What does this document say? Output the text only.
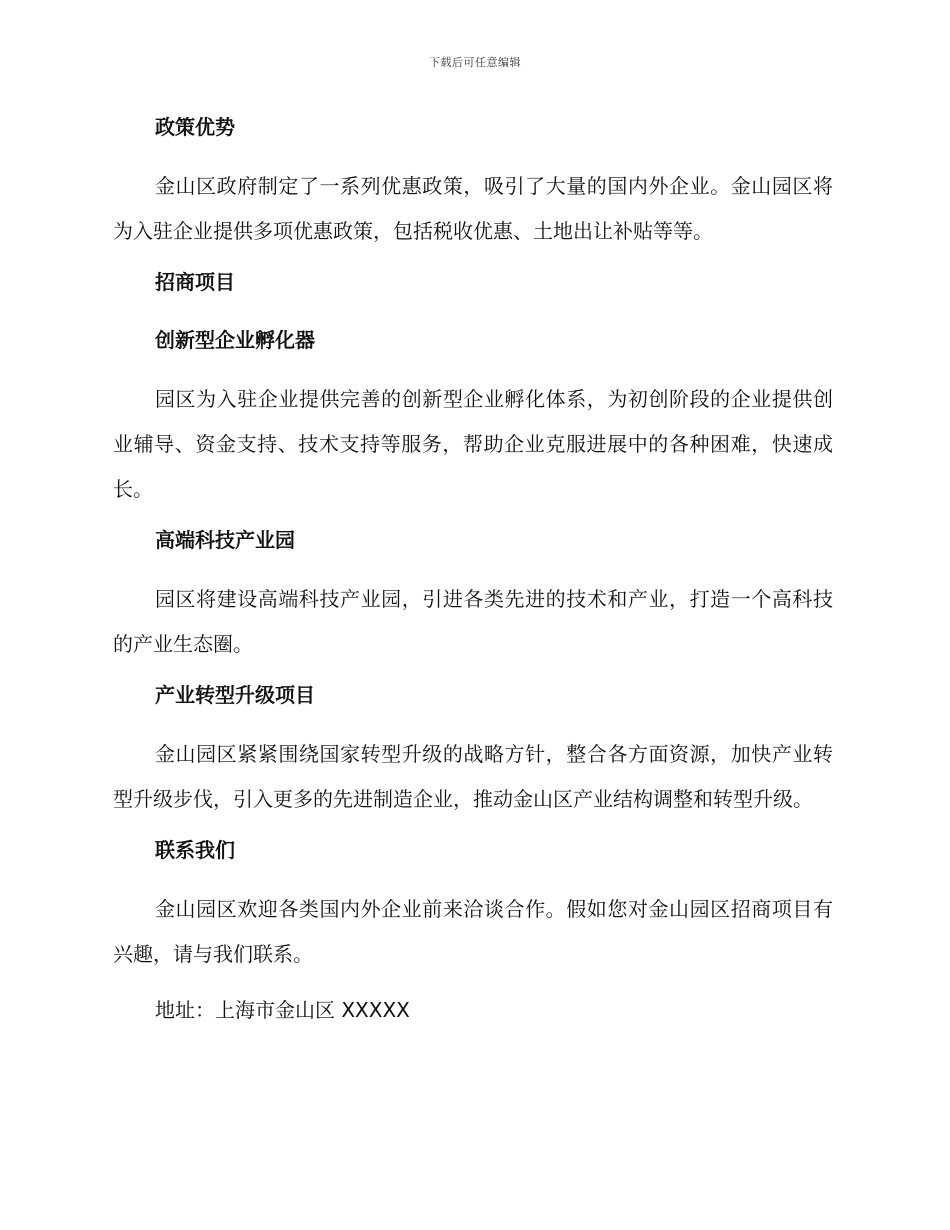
下载后可任意编辑
政策优势
金山区政府制定了一系列优惠政策，吸引了大量的国内外企业。金山园区将为入驻企业提供多项优惠政策，包括税收优惠、土地出让补贴等等。
招商项目
创新型企业孵化器
园区为入驻企业提供完善的创新型企业孵化体系，为初创阶段的企业提供创业辅导、资金支持、技术支持等服务，帮助企业克服进展中的各种困难，快速成长。
高端科技产业园
园区将建设高端科技产业园，引进各类先进的技术和产业，打造一个高科技的产业生态圈。
产业转型升级项目
金山园区紧紧围绕国家转型升级的战略方针，整合各方面资源，加快产业转型升级步伐，引入更多的先进制造企业，推动金山区产业结构调整和转型升级。
联系我们
金山园区欢迎各类国内外企业前来洽谈合作。假如您对金山园区招商项目有兴趣，请与我们联系。
地址：上海市金山区 XXXXX
